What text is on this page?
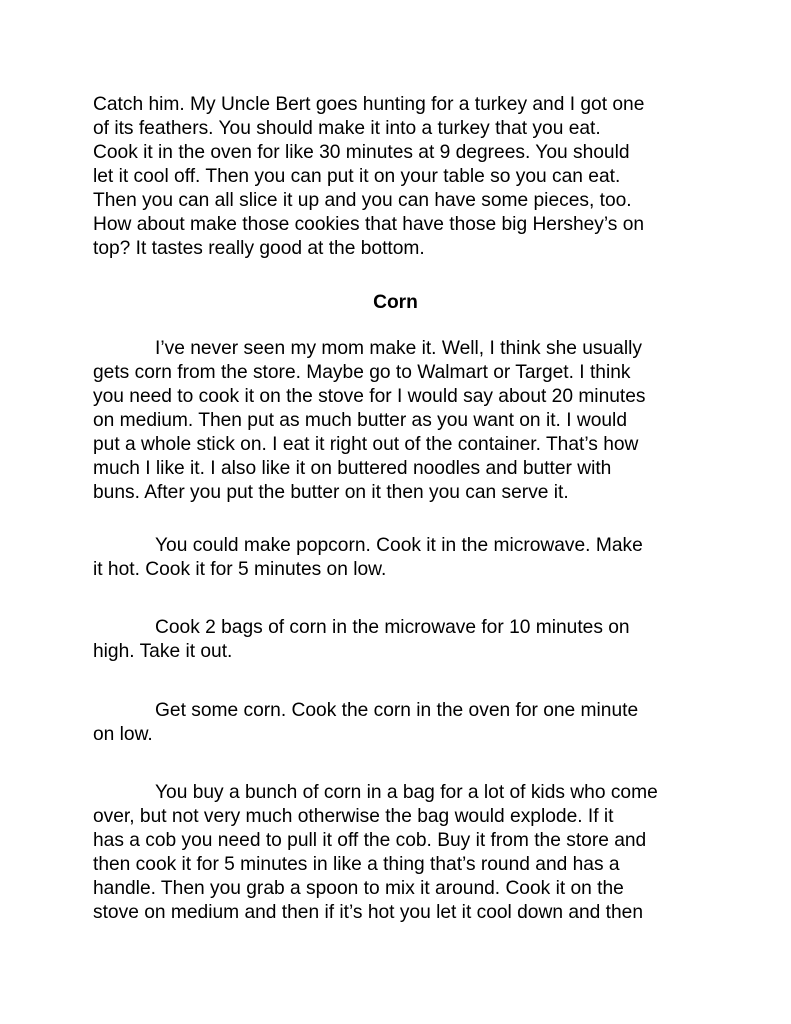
Catch him. My Uncle Bert goes hunting for a turkey and I got one
of its feathers. You should make it into a turkey that you eat.
Cook it in the oven for like 30 minutes at 9 degrees. You should
let it cool off. Then you can put it on your table so you can eat.
Then you can all slice it up and you can have some pieces, too.
How about make those cookies that have those big Hershey’s on
top? It tastes really good at the bottom.

Corn

I’ve never seen my mom make it. Well, I think she usually
gets corn from the store. Maybe go to Walmart or Target. I think
you need to cook it on the stove for I would say about 20 minutes
on medium. Then put as much butter as you want on it. I would
put a whole stick on. I eat it right out of the container. That’s how
much I like it. I also like it on buttered noodles and butter with
buns. After you put the butter on it then you can serve it.

You could make popcorn. Cook it in the microwave. Make
it hot. Cook it for 5 minutes on low.

Cook 2 bags of corn in the microwave for 10 minutes on
high. Take it out.

Get some corn. Cook the corn in the oven for one minute
on low.

You buy a bunch of corn in a bag for a lot of kids who come
over, but not very much otherwise the bag would explode. If it
has a cob you need to pull it off the cob. Buy it from the store and
then cook it for 5 minutes in like a thing that’s round and has a
handle. Then you grab a spoon to mix it around. Cook it on the
stove on medium and then if it’s hot you let it cool down and then
